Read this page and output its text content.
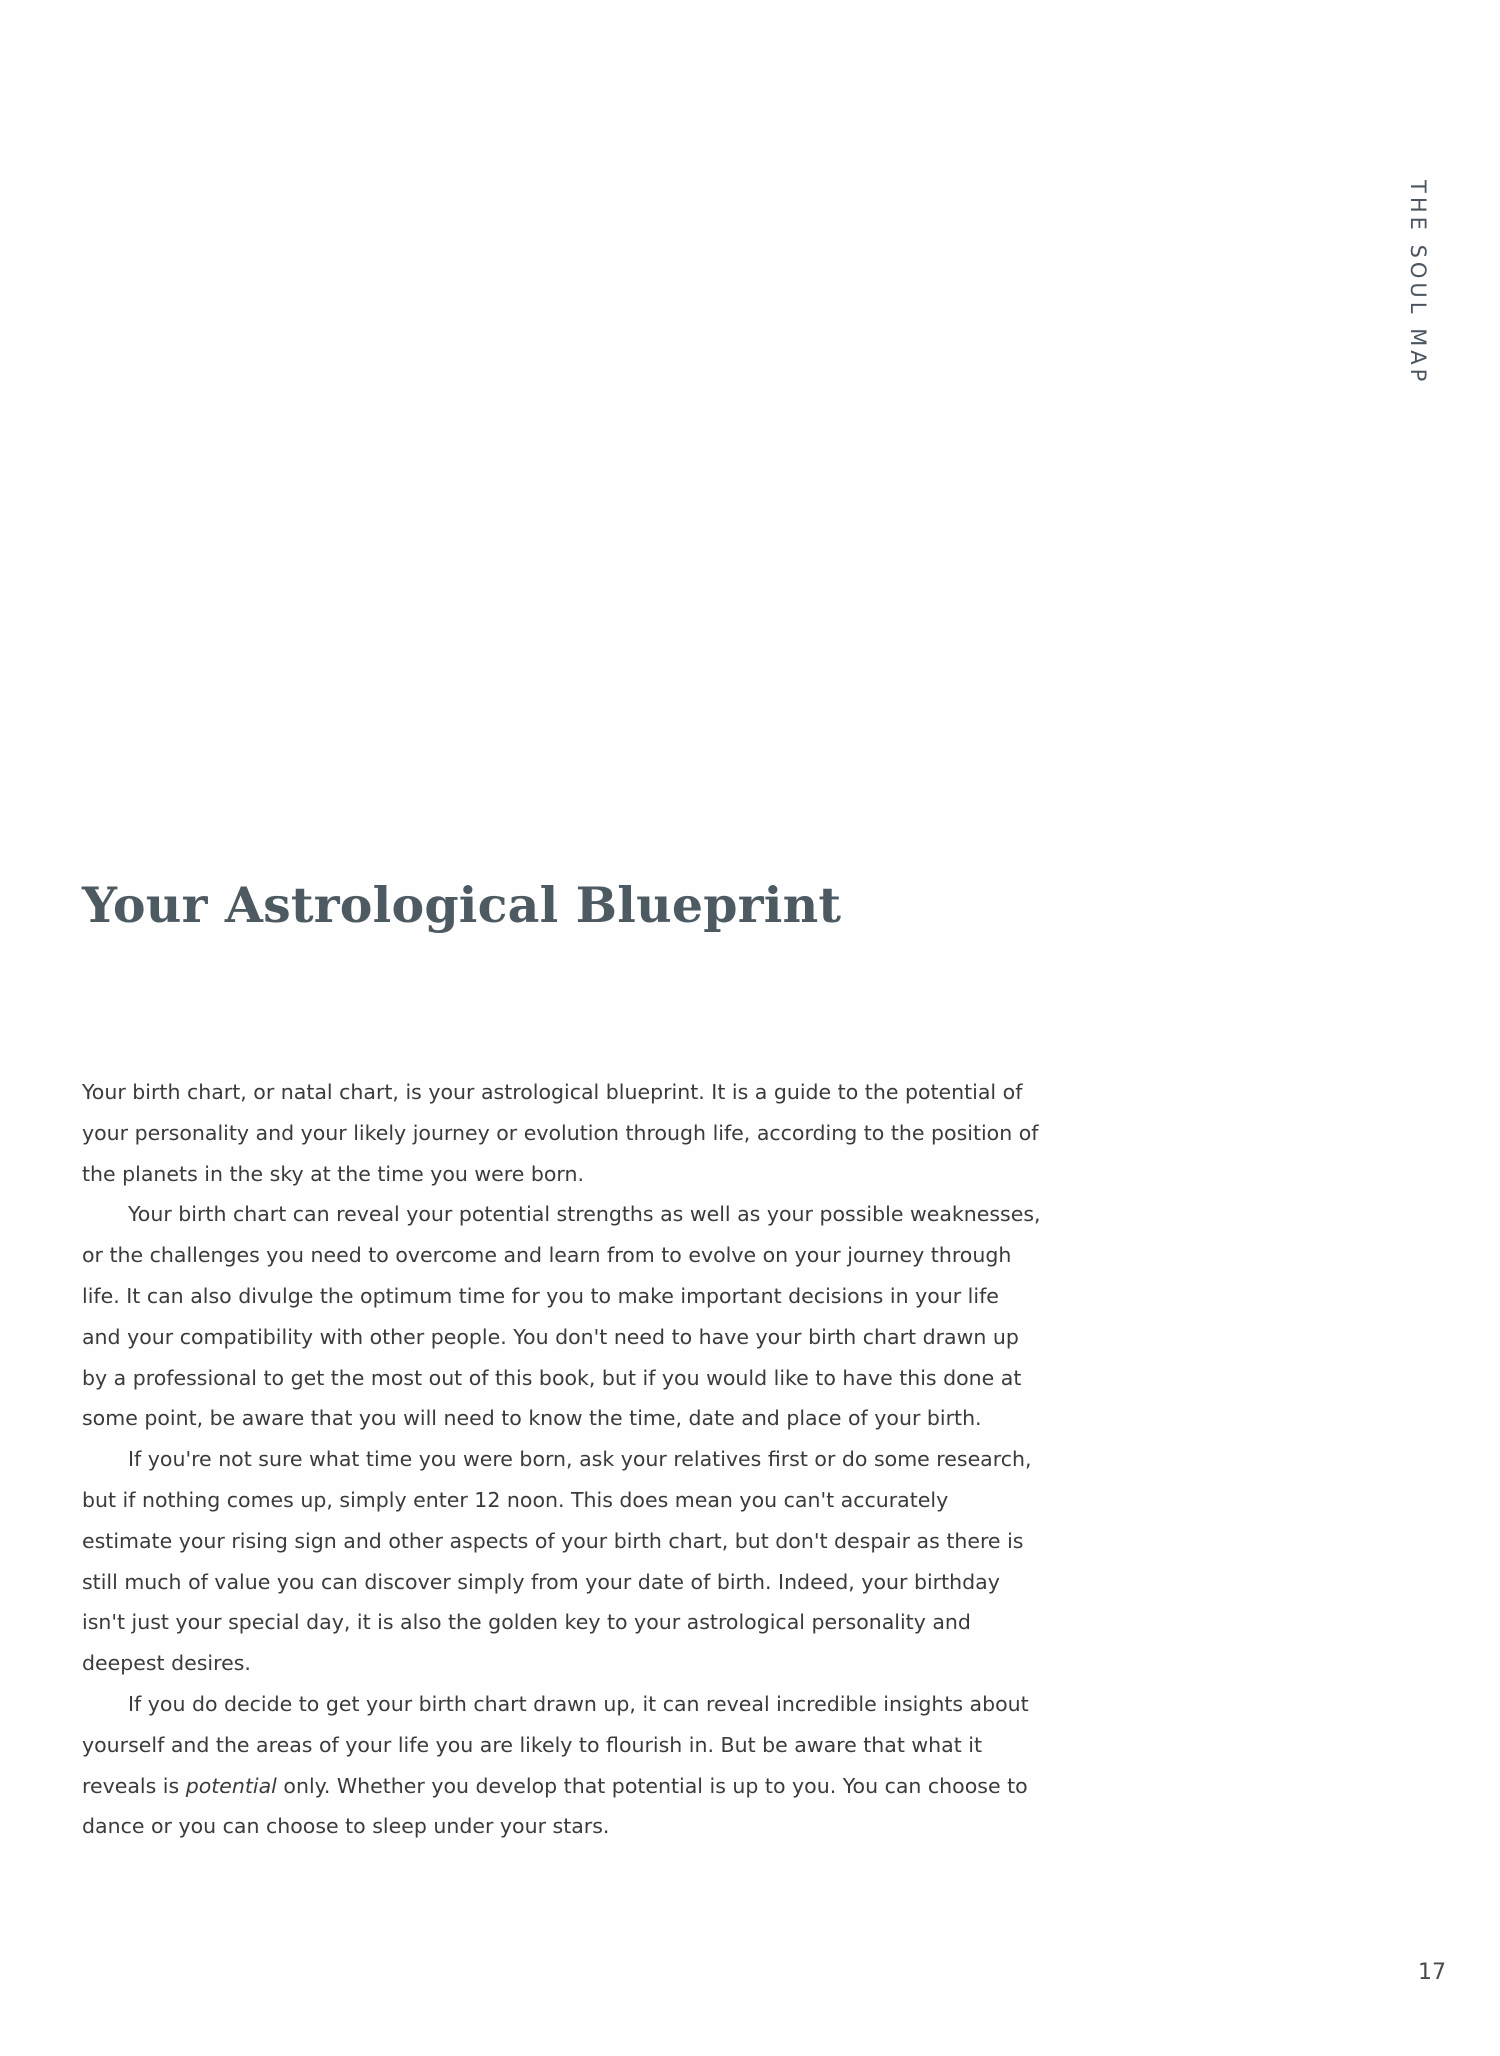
THE SOUL MAP
Your Astrological Blueprint

Your birth chart, or natal chart, is your astrological blueprint. It is a guide to the potential of your personality and your likely journey or evolution through life, according to the position of the planets in the sky at the time you were born.

Your birth chart can reveal your potential strengths as well as your possible weaknesses, or the challenges you need to overcome and learn from to evolve on your journey through life. It can also divulge the optimum time for you to make important decisions in your life and your compatibility with other people. You don't need to have your birth chart drawn up by a professional to get the most out of this book, but if you would like to have this done at some point, be aware that you will need to know the time, date and place of your birth.

If you're not sure what time you were born, ask your relatives first or do some research, but if nothing comes up, simply enter 12 noon. This does mean you can't accurately estimate your rising sign and other aspects of your birth chart, but don't despair as there is still much of value you can discover simply from your date of birth. Indeed, your birthday isn't just your special day, it is also the golden key to your astrological personality and deepest desires.

If you do decide to get your birth chart drawn up, it can reveal incredible insights about yourself and the areas of your life you are likely to flourish in. But be aware that what it reveals is potential only. Whether you develop that potential is up to you. You can choose to dance or you can choose to sleep under your stars.

17
